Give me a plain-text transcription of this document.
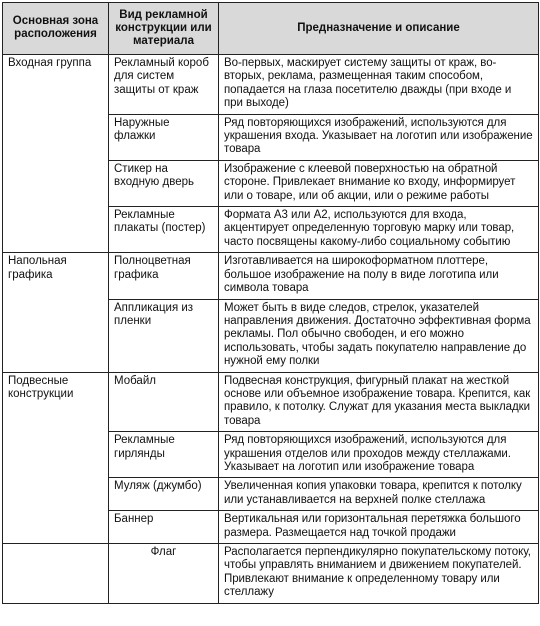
Основная зона расположения	Вид рекламной конструкции или материала	Предназначение и описание
Входная группа	Рекламный короб для систем защиты от краж	Во-первых, маскирует систему защиты от краж, во-вторых, реклама, размещенная таким способом, попадается на глаза посетителю дважды (при входе и при выходе)
	Наружные флажки	Ряд повторяющихся изображений, используются для украшения входа. Указывает на логотип или изображение товара
	Стикер на входную дверь	Изображение с клеевой поверхностью на обратной стороне. Привлекает внимание ко входу, информирует или о товаре, или об акции, или о режиме работы
	Рекламные плакаты (постер)	Формата А3 или А2, используются для входа, акцентирует определенную торговую марку или товар, часто посвящены какому-либо социальному событию
Напольная графика	Полноцветная графика	Изготавливается на широкоформатном плоттере, большое изображение на полу в виде логотипа или символа товара
	Аппликация из пленки	Может быть в виде следов, стрелок, указателей направления движения. Достаточно эффективная форма рекламы. Пол обычно свободен, и его можно использовать, чтобы задать покупателю направление до нужной ему полки
Подвесные конструкции	Мобайл	Подвесная конструкция, фигурный плакат на жесткой основе или объемное изображение товара. Крепится, как правило, к потолку. Служат для указания места выкладки товара
	Рекламные гирлянды	Ряд повторяющихся изображений, используются для украшения отделов или проходов между стеллажами. Указывает на логотип или изображение товара
	Муляж (джумбо)	Увеличенная копия упаковки товара, крепится к потолку или устанавливается на верхней полке стеллажа
	Баннер	Вертикальная или горизонтальная перетяжка большого размера. Размещается над точкой продажи
	Флаг	Располагается перпендикулярно покупательскому потоку, чтобы управлять вниманием и движением покупателей. Привлекают внимание к определенному товару или стеллажу
